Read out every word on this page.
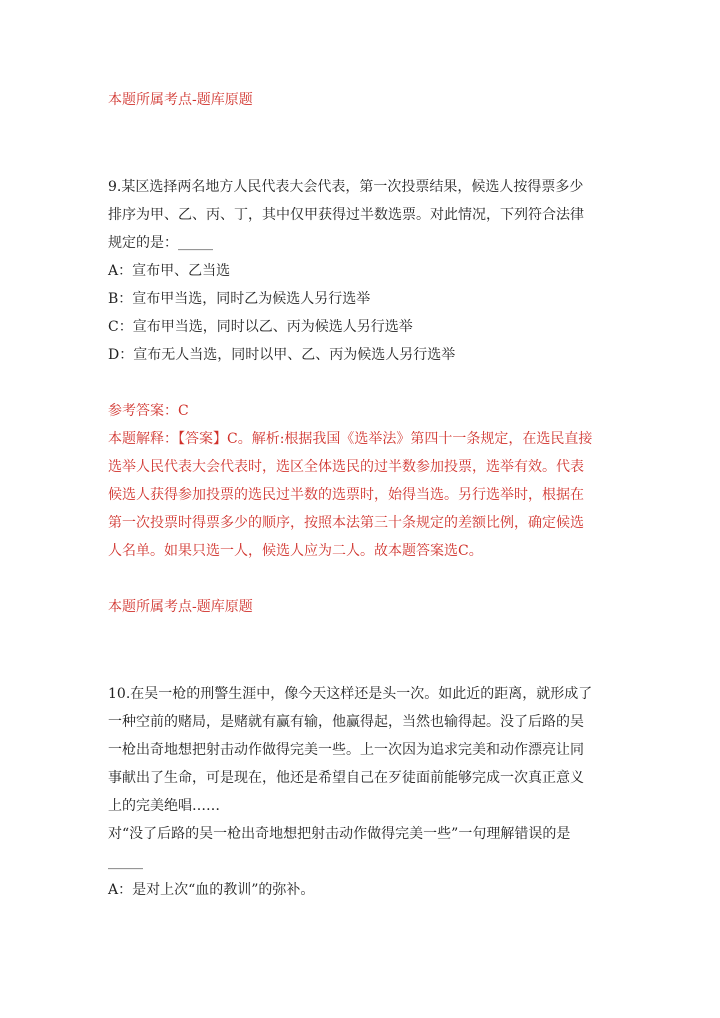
本题所属考点-题库原题
9.某区选择两名地方人民代表大会代表，第一次投票结果，候选人按得票多少
排序为甲、乙、丙、丁，其中仅甲获得过半数选票。对此情况，下列符合法律
规定的是：_____
A：宣布甲、乙当选
B：宣布甲当选，同时乙为候选人另行选举
C：宣布甲当选，同时以乙、丙为候选人另行选举
D：宣布无人当选，同时以甲、乙、丙为候选人另行选举
参考答案：C
本题解释：【答案】C。解析:根据我国《选举法》第四十一条规定，在选民直接
选举人民代表大会代表时，选区全体选民的过半数参加投票，选举有效。代表
候选人获得参加投票的选民过半数的选票时，始得当选。另行选举时，根据在
第一次投票时得票多少的顺序，按照本法第三十条规定的差额比例，确定候选
人名单。如果只选一人，候选人应为二人。故本题答案选C。
本题所属考点-题库原题
10.在吴一枪的刑警生涯中，像今天这样还是头一次。如此近的距离，就形成了
一种空前的赌局，是赌就有赢有输，他赢得起，当然也输得起。没了后路的吴
一枪出奇地想把射击动作做得完美一些。上一次因为追求完美和动作漂亮让同
事献出了生命，可是现在，他还是希望自己在歹徒面前能够完成一次真正意义
上的完美绝唱……
对“没了后路的吴一枪出奇地想把射击动作做得完美一些”一句理解错误的是
_____
A：是对上次“血的教训”的弥补。
